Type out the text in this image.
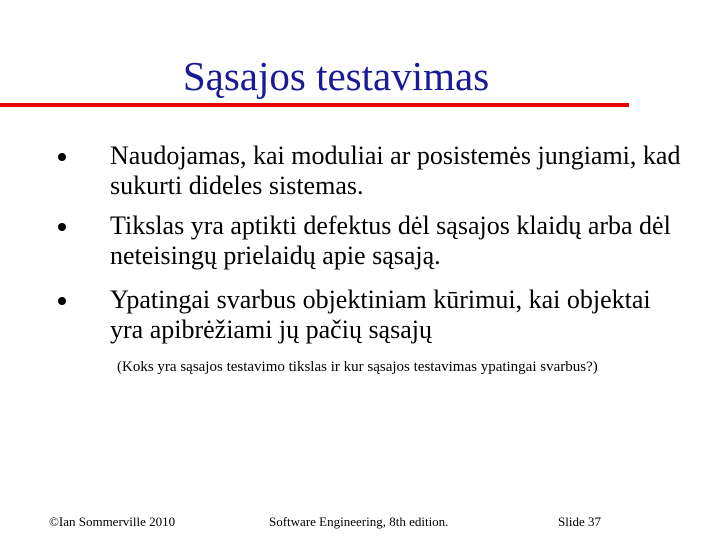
Sąsajos testavimas
Naudojamas, kai moduliai ar posistemės jungiami, kad sukurti dideles sistemas.
Tikslas yra aptikti defektus dėl sąsajos klaidų arba dėl neteisingų prielaidų apie sąsają.
Ypatingai svarbus objektiniam kūrimui, kai objektai yra apibrėžiami jų pačių sąsajų
(Koks yra sąsajos testavimo tikslas ir kur sąsajos testavimas ypatingai svarbus?)
©Ian Sommerville 2010	Software Engineering, 8th edition.	Slide 37
